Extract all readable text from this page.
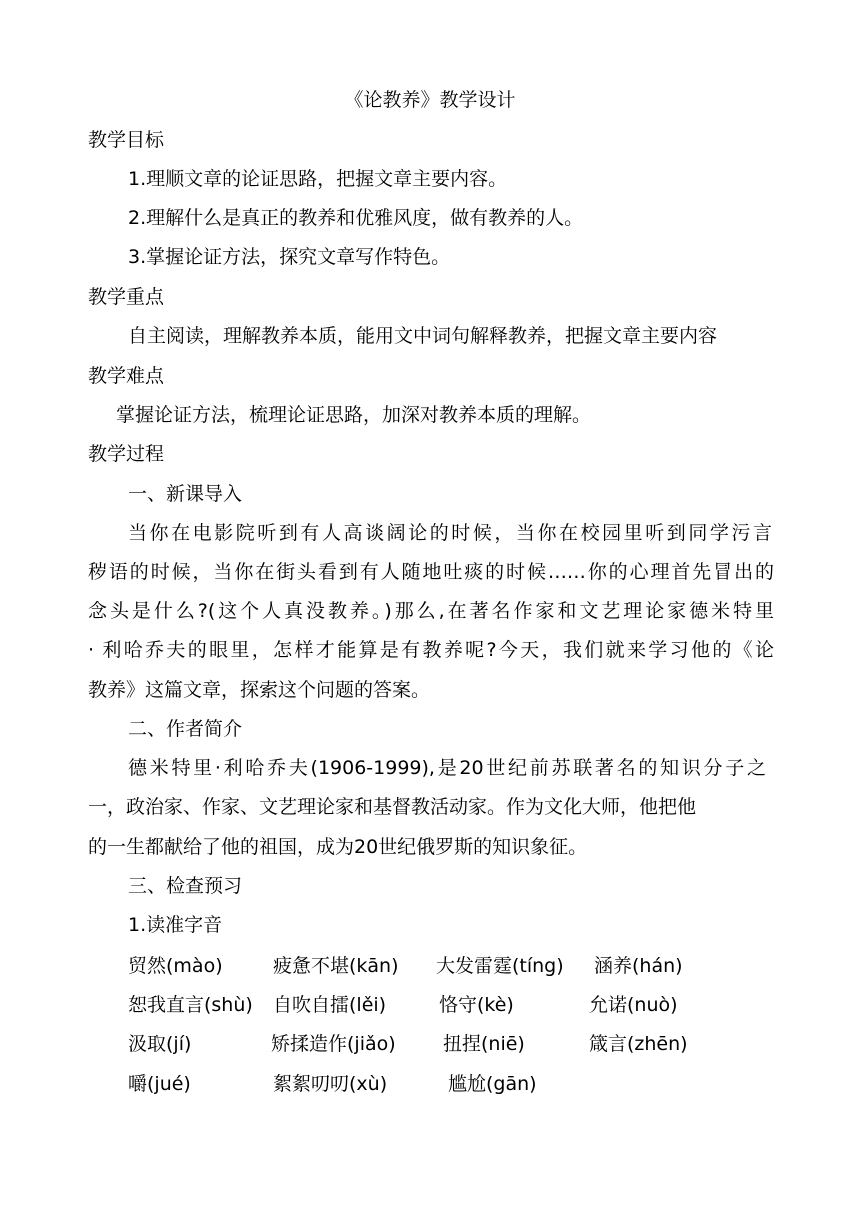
《论教养》教学设计
教学目标
1.理顺文章的论证思路，把握文章主要内容。
2.理解什么是真正的教养和优雅风度，做有教养的人。
3.掌握论证方法，探究文章写作特色。
教学重点
自主阅读，理解教养本质，能用文中词句解释教养，把握文章主要内容
教学难点
掌握论证方法，梳理论证思路，加深对教养本质的理解。
教学过程
一、新课导入
当你在电影院听到有人高谈阔论的时候，当你在校园里听到同学污言
秽语的时候，当你在街头看到有人随地吐痰的时候……你的心理首先冒出的
念头是什么?(这个人真没教养。)那么,在著名作家和文艺理论家德米特里
· 利哈乔夫的眼里，怎样才能算是有教养呢?今天，我们就来学习他的《论
教养》这篇文章，探索这个问题的答案。
二、作者简介
德米特里·利哈乔夫(1906-1999),是20世纪前苏联著名的知识分子之
一，政治家、作家、文艺理论家和基督教活动家。作为文化大师，他把他
的一生都献给了他的祖国，成为20世纪俄罗斯的知识象征。
三、检查预习
1.读准字音
贸然(mào)	疲惫不堪(kān) 大发雷霆(tíng) 涵养(hán)
恕我直言(shù) 自吹自擂(lěi)	恪守(kè)	允诺(nuò)
汲取(jí)	矫揉造作(jiǎo) 扭捏(niē)	箴言(zhēn)
嚼(jué)	絮絮叨叨(xù)	尴尬(gān)
